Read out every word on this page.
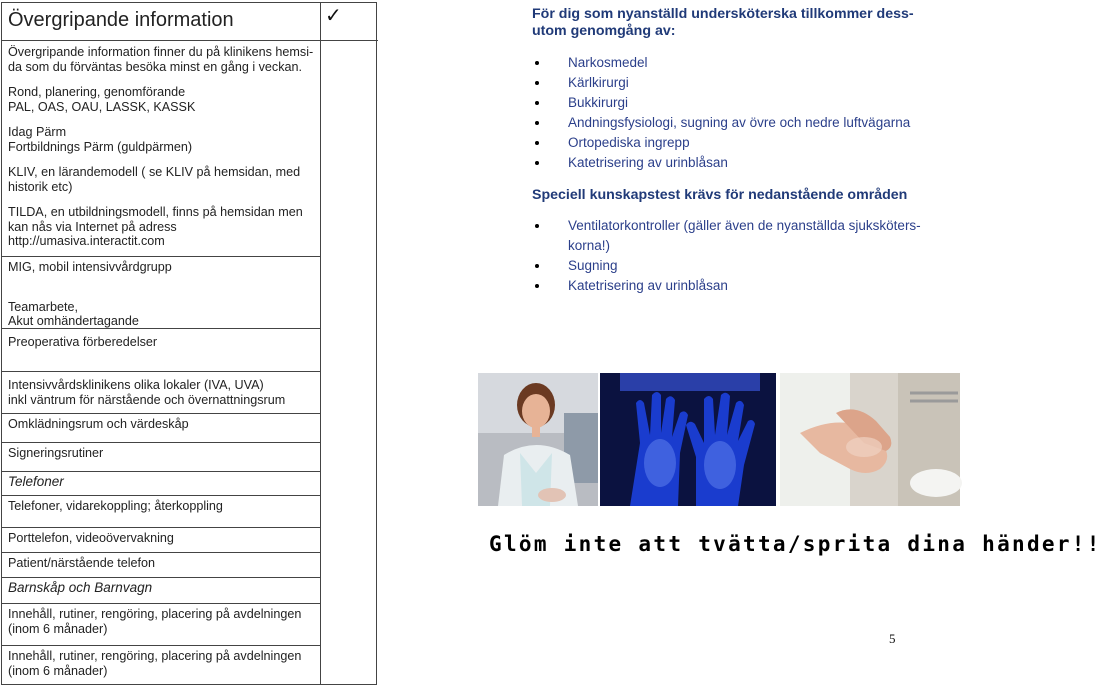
✓

Övergripande information

Övergripande information finner du på klinikens hemsi-

da som du förväntas besöka minst en gång i veckan.

Rond, planering, genomförande

PAL, OAS, OAU, LASSK, KASSK

Idag Pärm

Fortbildnings Pärm (guldpärmen)

KLIV, en lärandemodell ( se KLIV på hemsidan, med

historik etc)

TILDA, en utbildningsmodell, finns på hemsidan men

kan nås via Internet på adress

http://umasiva.interactit.com

MIG, mobil intensivvårdgrupp

Teamarbete,

Akut omhändertagande

Preoperativa förberedelser

Intensivvårdsklinikens olika lokaler (IVA, UVA)

inkl väntrum för närstående och övernattningsrum

Omklädningsrum och värdeskåp

Signeringsrutiner

Telefoner

Telefoner, vidarekoppling; återkoppling

Porttelefon, videoövervakning

Patient/närstående telefon

Barnskåp och Barnvagn

Innehåll, rutiner, rengöring, placering på avdelningen

(inom 6 månader)

Innehåll, rutiner, rengöring, placering på avdelningen

(inom 6 månader)

För dig som nyanställd undersköterska tillkommer dess-

utom genomgång av:

Narkosmedel
Kärlkirurgi
Bukkirurgi
Andningsfysiologi, sugning av övre och nedre luftvägarna
Ortopediska ingrepp
Katetrisering av urinblåsan

Speciell kunskapstest krävs för nedanstående områden

Ventilatorkontroller (gäller även de nyanställda sjuksköters-
korna!)
Sugning
Katetrisering av urinblåsan
Glöm inte att tvätta/sprita dina händer!!
5
